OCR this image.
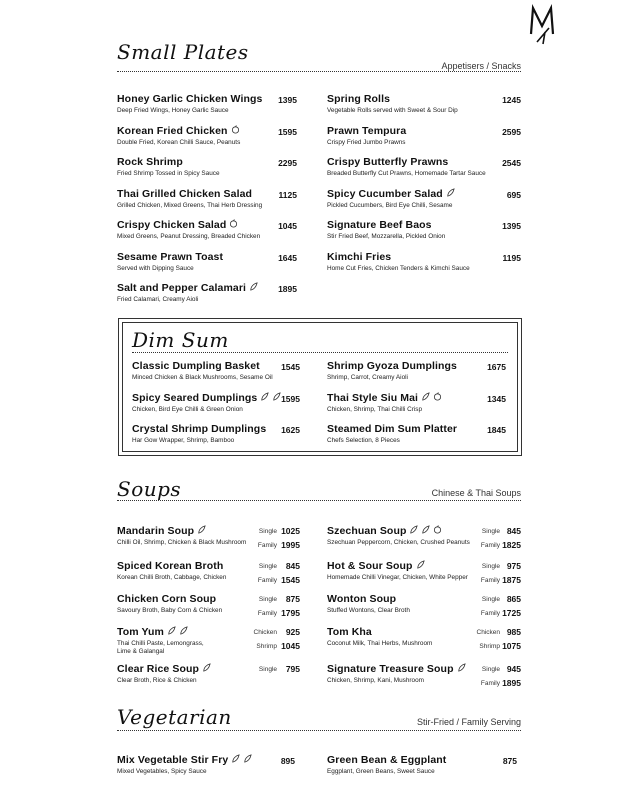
Small Plates
Appetisers / Snacks
Honey Garlic Chicken Wings
Deep Fried Wings, Honey Garlic Sauce
1395
Korean Fried Chicken
Double Fried, Korean Chilli Sauce, Peanuts
1595
Rock Shrimp
Fried Shrimp Tossed in Spicy Sauce
2295
Thai Grilled Chicken Salad
Grilled Chicken, Mixed Greens, Thai Herb Dressing
1125
Crispy Chicken Salad
Mixed Greens, Peanut Dressing, Breaded Chicken
1045
Sesame Prawn Toast
Served with Dipping Sauce
1645
Salt and Pepper Calamari
Fried Calamari, Creamy Aioli
1895
Spring Rolls
Vegetable Rolls served with Sweet & Sour Dip
1245
Prawn Tempura
Crispy Fried Jumbo Prawns
2595
Crispy Butterfly Prawns
Breaded Butterfly Cut Prawns, Homemade Tartar Sauce
2545
Spicy Cucumber Salad
Pickled Cucumbers, Bird Eye Chilli, Sesame
695
Signature Beef Baos
Stir Fried Beef, Mozzarella, Pickled Onion
1395
Kimchi Fries
Home Cut Fries, Chicken Tenders & Kimchi Sauce
1195
Dim Sum
Classic Dumpling Basket
Minced Chicken & Black Mushrooms, Sesame Oil
1545
Spicy Seared Dumplings
Chicken, Bird Eye Chilli & Green Onion
1595
Crystal Shrimp Dumplings
Har Gow Wrapper, Shrimp, Bamboo
1625
Shrimp Gyoza Dumplings
Shrimp, Carrot, Creamy Aioli
1675
Thai Style Siu Mai
Chicken, Shrimp, Thai Chilli Crisp
1345
Steamed Dim Sum Platter
Chefs Selection, 8 Pieces
1845
Soups	Chinese & Thai Soups
Mandarin Soup
Chilli Oil, Shrimp, Chicken & Black Mushroom
Single 1025
Family 1995
Spiced Korean Broth
Korean Chilli Broth, Cabbage, Chicken
Single	845
Family 1545
Chicken Corn Soup
Savoury Broth, Baby Corn & Chicken
Single	875
Family 1795
Tom Yum
Thai Chilli Paste, Lemongrass,
Lime & Galangal
Chicken	925
Shrimp 1045
Clear Rice Soup
Clear Broth, Rice & Chicken
Single	795
Szechuan Soup
Szechuan Peppercorn, Chicken, Crushed Peanuts
Single 845
Family 1825
Hot & Sour Soup
Homemade Chilli Vinegar, Chicken, White Pepper
Single 975
Family 1875
Wonton Soup
Stuffed Wontons, Clear Broth
Single 865
Family 1725
Tom Kha
Coconut Milk, Thai Herbs, Mushroom
Chicken 985
Shrimp 1075
Signature Treasure Soup
Chicken, Shrimp, Kani, Mushroom
Single 945
Family 1895
Vegetarian	Stir-Fried / Family Serving
Mix Vegetable Stir Fry
Mixed Vegetables, Spicy Sauce
895	Green Bean & Eggplant
Eggplant, Green Beans, Sweet Sauce
875
